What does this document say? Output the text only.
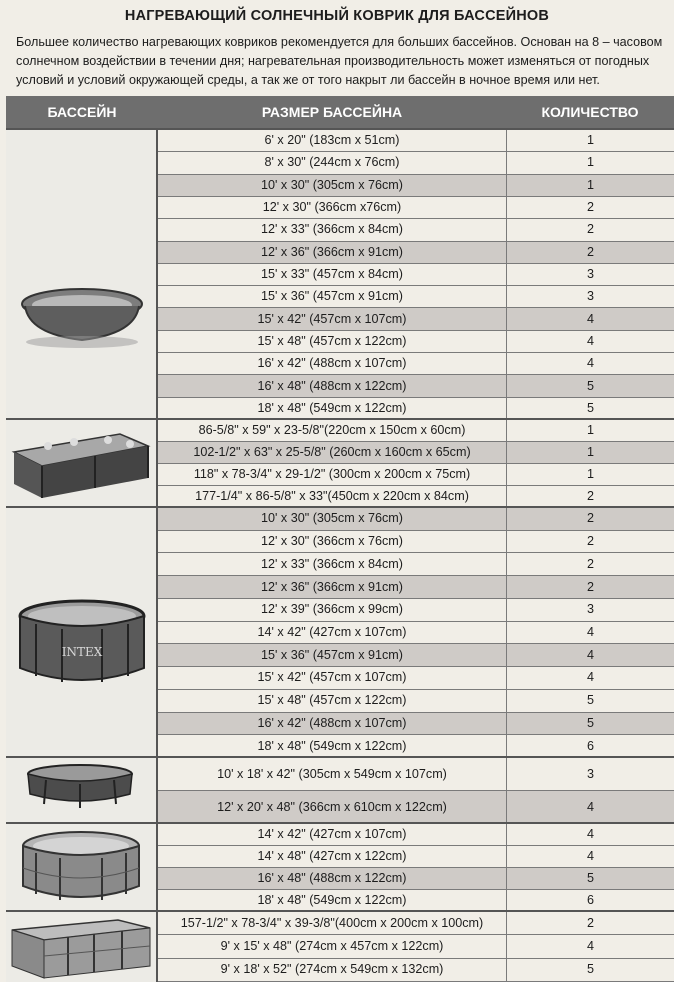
НАГРЕВАЮЩИЙ СОЛНЕЧНЫЙ КОВРИК ДЛЯ БАССЕЙНОВ
Большее количество нагревающих ковриков рекомендуется для больших бассейнов. Основан на 8 – часовом
солнечном воздействии в течении дня; нагревательная производительность может изменяться от погодных
условий и условий окружающей среды, а так же от того накрыт ли бассейн в ночное время или нет.
БАССЕЙН	РАЗМЕР БАССЕЙНА	КОЛИЧЕСТВО
6' x 20" (183cm x 51cm)	1
8' x 30" (244cm x 76cm)	1
10' x 30" (305cm x 76cm)	1
12' x 30" (366cm x76cm)	2
12' x 33" (366cm x 84cm)	2
12' x 36" (366cm x 91cm)	2
15' x 33" (457cm x 84cm)	3
15' x 36" (457cm x 91cm)	3
15' x 42" (457cm x 107cm)	4
15' x 48" (457cm x 122cm)	4
16' x 42" (488cm x 107cm)	4
16' x 48" (488cm x 122cm)	5
18' x 48" (549cm x 122cm)	5
86-5/8" x 59" x 23-5/8"(220cm x 150cm x 60cm)	1
102-1/2" x 63" x 25-5/8" (260cm x 160cm x 65cm)	1
118" x 78-3/4" x 29-1/2" (300cm x 200cm x 75cm)	1
177-1/4" x 86-5/8" x 33"(450cm x 220cm x 84cm)	2
INTEX
10' x 30" (305cm x 76cm)	2
12' x 30" (366cm x 76cm)	2
12' x 33" (366cm x 84cm)	2
12' x 36" (366cm x 91cm)	2
12' x 39" (366cm x 99cm)	3
14' x 42" (427cm x 107cm)	4
15' x 36" (457cm x 91cm)	4
15' x 42" (457cm x 107cm)	4
15' x 48" (457cm x 122cm)	5
16' x 42" (488cm x 107cm)	5
18' x 48" (549cm x 122cm)	6
10' x 18' x 42" (305cm x 549cm x 107cm)	3
12' x 20' x 48" (366cm x 610cm x 122cm)	4
14' x 42" (427cm x 107cm)	4
14' x 48" (427cm x 122cm)	4
16' x 48" (488cm x 122cm)	5
18' x 48" (549cm x 122cm)	6
157-1/2" x 78-3/4" x 39-3/8"(400cm x 200cm x 100cm)	2
9' x 15' x 48" (274cm x 457cm x 122cm)	4
9' x 18' x 52" (274cm x 549cm x 132cm)	5
